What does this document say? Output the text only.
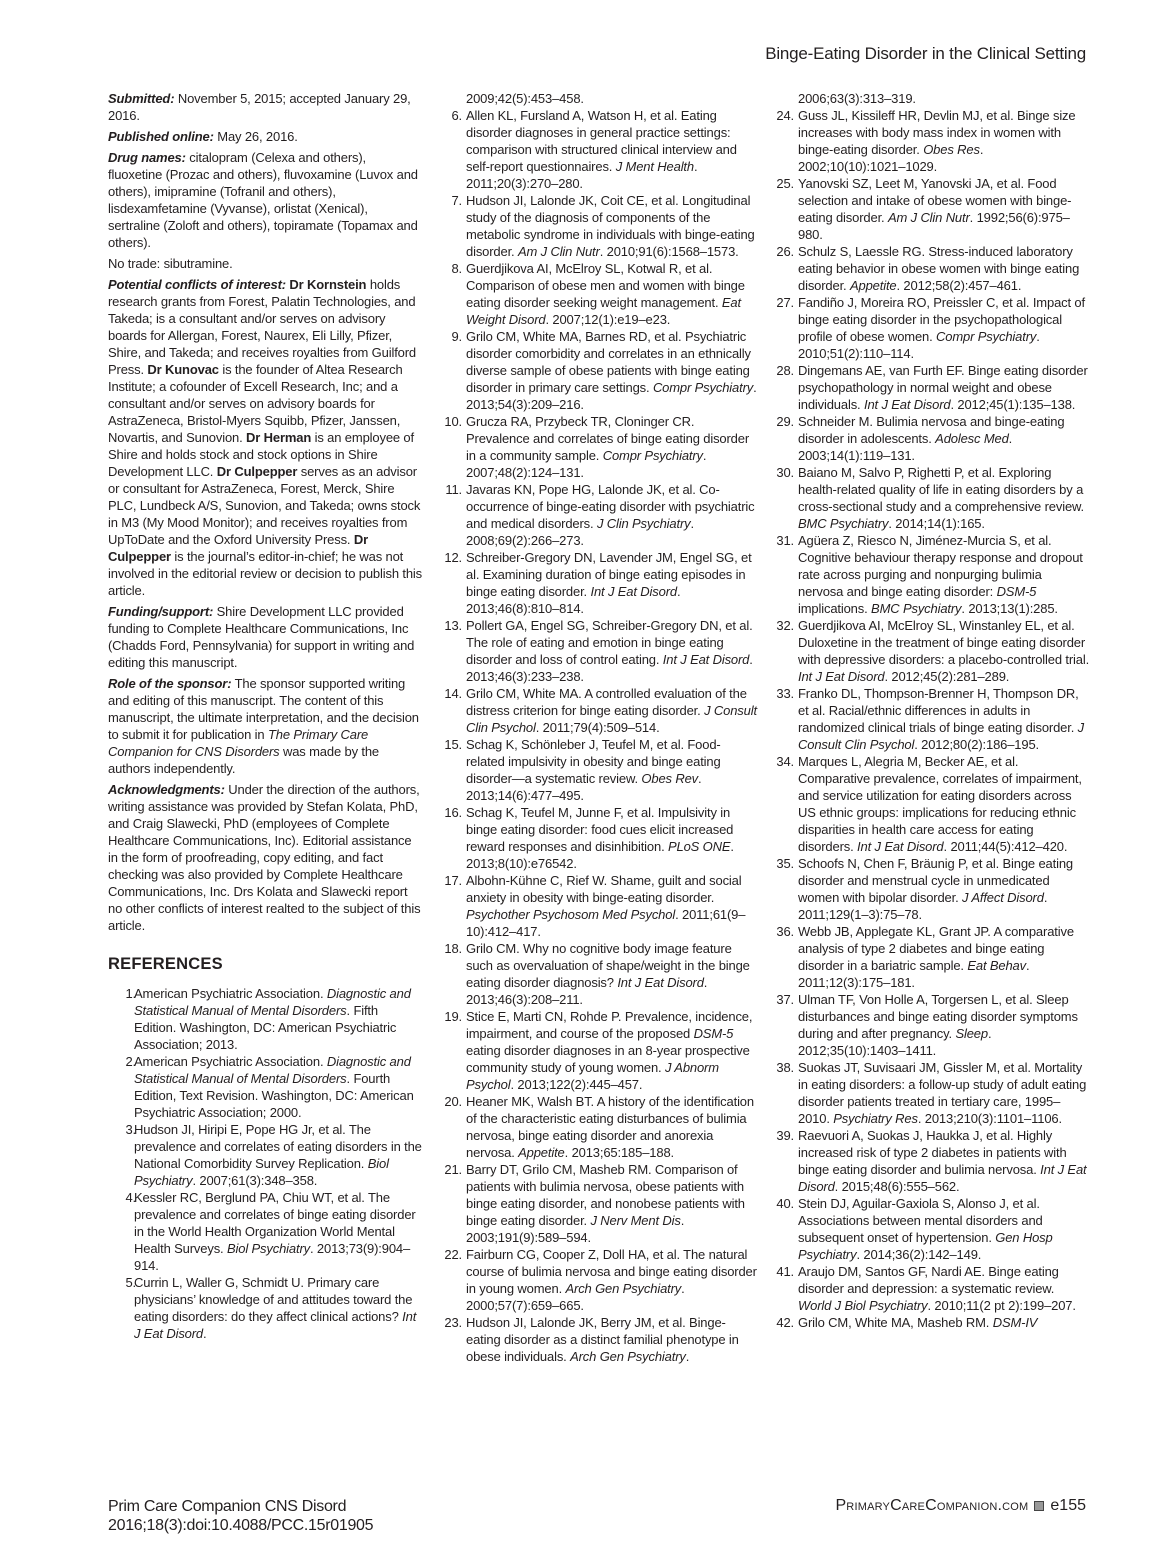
Binge-Eating Disorder in the Clinical Setting
Submitted: November 5, 2015; accepted January 29, 2016.
Published online: May 26, 2016.
Drug names: citalopram (Celexa and others), fluoxetine (Prozac and others), fluvoxamine (Luvox and others), imipramine (Tofranil and others), lisdexamfetamine (Vyvanse), orlistat (Xenical), sertraline (Zoloft and others), topiramate (Topamax and others).
No trade: sibutramine.
Potential conflicts of interest: Dr Kornstein holds research grants from Forest, Palatin Technologies, and Takeda; is a consultant and/or serves on advisory boards for Allergan, Forest, Naurex, Eli Lilly, Pfizer, Shire, and Takeda; and receives royalties from Guilford Press. Dr Kunovac is the founder of Altea Research Institute; a cofounder of Excell Research, Inc; and a consultant and/or serves on advisory boards for AstraZeneca, Bristol-Myers Squibb, Pfizer, Janssen, Novartis, and Sunovion. Dr Herman is an employee of Shire and holds stock and stock options in Shire Development LLC. Dr Culpepper serves as an advisor or consultant for AstraZeneca, Forest, Merck, Shire PLC, Lundbeck A/S, Sunovion, and Takeda; owns stock in M3 (My Mood Monitor); and receives royalties from UpToDate and the Oxford University Press. Dr Culpepper is the journal’s editor-in-chief; he was not involved in the editorial review or decision to publish this article.
Funding/support: Shire Development LLC provided funding to Complete Healthcare Communications, Inc (Chadds Ford, Pennsylvania) for support in writing and editing this manuscript.
Role of the sponsor: The sponsor supported writing and editing of this manuscript. The content of this manuscript, the ultimate interpretation, and the decision to submit it for publication in The Primary Care Companion for CNS Disorders was made by the authors independently.
Acknowledgments: Under the direction of the authors, writing assistance was provided by Stefan Kolata, PhD, and Craig Slawecki, PhD (employees of Complete Healthcare Communications, Inc). Editorial assistance in the form of proofreading, copy editing, and fact checking was also provided by Complete Healthcare Communications, Inc. Drs Kolata and Slawecki report no other conflicts of interest realted to the subject of this article.
REFERENCES
1.
American Psychiatric Association. Diagnostic and Statistical Manual of Mental Disorders. Fifth Edition. Washington, DC: American Psychiatric Association; 2013.
2.
American Psychiatric Association. Diagnostic and Statistical Manual of Mental Disorders. Fourth Edition, Text Revision. Washington, DC: American Psychiatric Association; 2000.
3.
Hudson JI, Hiripi E, Pope HG Jr, et al. The prevalence and correlates of eating disorders in the National Comorbidity Survey Replication. Biol Psychiatry. 2007;61(3):348–358.
4.
Kessler RC, Berglund PA, Chiu WT, et al. The prevalence and correlates of binge eating disorder in the World Health Organization World Mental Health Surveys. Biol Psychiatry. 2013;73(9):904–914.
5.
Currin L, Waller G, Schmidt U. Primary care physicians’ knowledge of and attitudes toward the eating disorders: do they affect clinical actions? Int J Eat Disord.
2009;42(5):453–458.
6. Allen KL, Fursland A, Watson H, et al. Eating disorder diagnoses in general practice settings: comparison with structured clinical interview and self-report questionnaires. J Ment Health. 2011;20(3):270–280.
7. Hudson JI, Lalonde JK, Coit CE, et al. Longitudinal study of the diagnosis of components of the metabolic syndrome in individuals with binge-eating disorder. Am J Clin Nutr. 2010;91(6):1568–1573.
8. Guerdjikova AI, McElroy SL, Kotwal R, et al. Comparison of obese men and women with binge eating disorder seeking weight management. Eat Weight Disord. 2007;12(1):e19–e23.
9. Grilo CM, White MA, Barnes RD, et al. Psychiatric disorder comorbidity and correlates in an ethnically diverse sample of obese patients with binge eating disorder in primary care settings. Compr Psychiatry. 2013;54(3):209–216.
10. Grucza RA, Przybeck TR, Cloninger CR. Prevalence and correlates of binge eating disorder in a community sample. Compr Psychiatry. 2007;48(2):124–131.
11. Javaras KN, Pope HG, Lalonde JK, et al. Co-occurrence of binge-eating disorder with psychiatric and medical disorders. J Clin Psychiatry. 2008;69(2):266–273.
12. Schreiber-Gregory DN, Lavender JM, Engel SG, et al. Examining duration of binge eating episodes in binge eating disorder. Int J Eat Disord. 2013;46(8):810–814.
13. Pollert GA, Engel SG, Schreiber-Gregory DN, et al. The role of eating and emotion in binge eating disorder and loss of control eating. Int J Eat Disord. 2013;46(3):233–238.
14. Grilo CM, White MA. A controlled evaluation of the distress criterion for binge eating disorder. J Consult Clin Psychol. 2011;79(4):509–514.
15. Schag K, Schönleber J, Teufel M, et al. Food-related impulsivity in obesity and binge eating disorder—a systematic review. Obes Rev. 2013;14(6):477–495.
16. Schag K, Teufel M, Junne F, et al. Impulsivity in binge eating disorder: food cues elicit increased reward responses and disinhibition. PLoS ONE. 2013;8(10):e76542.
17. Albohn-Kühne C, Rief W. Shame, guilt and social anxiety in obesity with binge-eating disorder. Psychother Psychosom Med Psychol. 2011;61(9–10):412–417.
18. Grilo CM. Why no cognitive body image feature such as overvaluation of shape/weight in the binge eating disorder diagnosis? Int J Eat Disord. 2013;46(3):208–211.
19. Stice E, Marti CN, Rohde P. Prevalence, incidence, impairment, and course of the proposed DSM-5 eating disorder diagnoses in an 8-year prospective community study of young women. J Abnorm Psychol. 2013;122(2):445–457.
20. Heaner MK, Walsh BT. A history of the identification of the characteristic eating disturbances of bulimia nervosa, binge eating disorder and anorexia nervosa. Appetite. 2013;65:185–188.
21. Barry DT, Grilo CM, Masheb RM. Comparison of patients with bulimia nervosa, obese patients with binge eating disorder, and nonobese patients with binge eating disorder. J Nerv Ment Dis. 2003;191(9):589–594.
22. Fairburn CG, Cooper Z, Doll HA, et al. The natural course of bulimia nervosa and binge eating disorder in young women. Arch Gen Psychiatry. 2000;57(7):659–665.
23. Hudson JI, Lalonde JK, Berry JM, et al. Binge-eating disorder as a distinct familial phenotype in obese individuals. Arch Gen Psychiatry.
2006;63(3):313–319.
24. Guss JL, Kissileff HR, Devlin MJ, et al. Binge size increases with body mass index in women with binge-eating disorder. Obes Res. 2002;10(10):1021–1029.
25. Yanovski SZ, Leet M, Yanovski JA, et al. Food selection and intake of obese women with binge-eating disorder. Am J Clin Nutr. 1992;56(6):975–980.
26. Schulz S, Laessle RG. Stress-induced laboratory eating behavior in obese women with binge eating disorder. Appetite. 2012;58(2):457–461.
27. Fandiño J, Moreira RO, Preissler C, et al. Impact of binge eating disorder in the psychopathological profile of obese women. Compr Psychiatry. 2010;51(2):110–114.
28. Dingemans AE, van Furth EF. Binge eating disorder psychopathology in normal weight and obese individuals. Int J Eat Disord. 2012;45(1):135–138.
29. Schneider M. Bulimia nervosa and binge-eating disorder in adolescents. Adolesc Med. 2003;14(1):119–131.
30. Baiano M, Salvo P, Righetti P, et al. Exploring health-related quality of life in eating disorders by a cross-sectional study and a comprehensive review. BMC Psychiatry. 2014;14(1):165.
31. Agüera Z, Riesco N, Jiménez-Murcia S, et al. Cognitive behaviour therapy response and dropout rate across purging and nonpurging bulimia nervosa and binge eating disorder: DSM-5 implications. BMC Psychiatry. 2013;13(1):285.
32. Guerdjikova AI, McElroy SL, Winstanley EL, et al. Duloxetine in the treatment of binge eating disorder with depressive disorders: a placebo-controlled trial. Int J Eat Disord. 2012;45(2):281–289.
33. Franko DL, Thompson-Brenner H, Thompson DR, et al. Racial/ethnic differences in adults in randomized clinical trials of binge eating disorder. J Consult Clin Psychol. 2012;80(2):186–195.
34. Marques L, Alegria M, Becker AE, et al. Comparative prevalence, correlates of impairment, and service utilization for eating disorders across US ethnic groups: implications for reducing ethnic disparities in health care access for eating disorders. Int J Eat Disord. 2011;44(5):412–420.
35. Schoofs N, Chen F, Bräunig P, et al. Binge eating disorder and menstrual cycle in unmedicated women with bipolar disorder. J Affect Disord. 2011;129(1–3):75–78.
36. Webb JB, Applegate KL, Grant JP. A comparative analysis of type 2 diabetes and binge eating disorder in a bariatric sample. Eat Behav. 2011;12(3):175–181.
37. Ulman TF, Von Holle A, Torgersen L, et al. Sleep disturbances and binge eating disorder symptoms during and after pregnancy. Sleep. 2012;35(10):1403–1411.
38. Suokas JT, Suvisaari JM, Gissler M, et al. Mortality in eating disorders: a follow-up study of adult eating disorder patients treated in tertiary care, 1995–2010. Psychiatry Res. 2013;210(3):1101–1106.
39. Raevuori A, Suokas J, Haukka J, et al. Highly increased risk of type 2 diabetes in patients with binge eating disorder and bulimia nervosa. Int J Eat Disord. 2015;48(6):555–562.
40. Stein DJ, Aguilar-Gaxiola S, Alonso J, et al. Associations between mental disorders and subsequent onset of hypertension. Gen Hosp Psychiatry. 2014;36(2):142–149.
41. Araujo DM, Santos GF, Nardi AE. Binge eating disorder and depression: a systematic review. World J Biol Psychiatry. 2010;11(2 pt 2):199–207.
42. Grilo CM, White MA, Masheb RM. DSM-IV
Prim Care Companion CNS Disord
2016;18(3):doi:10.4088/PCC.15r01905
PrimaryCareCompanion.com e155
